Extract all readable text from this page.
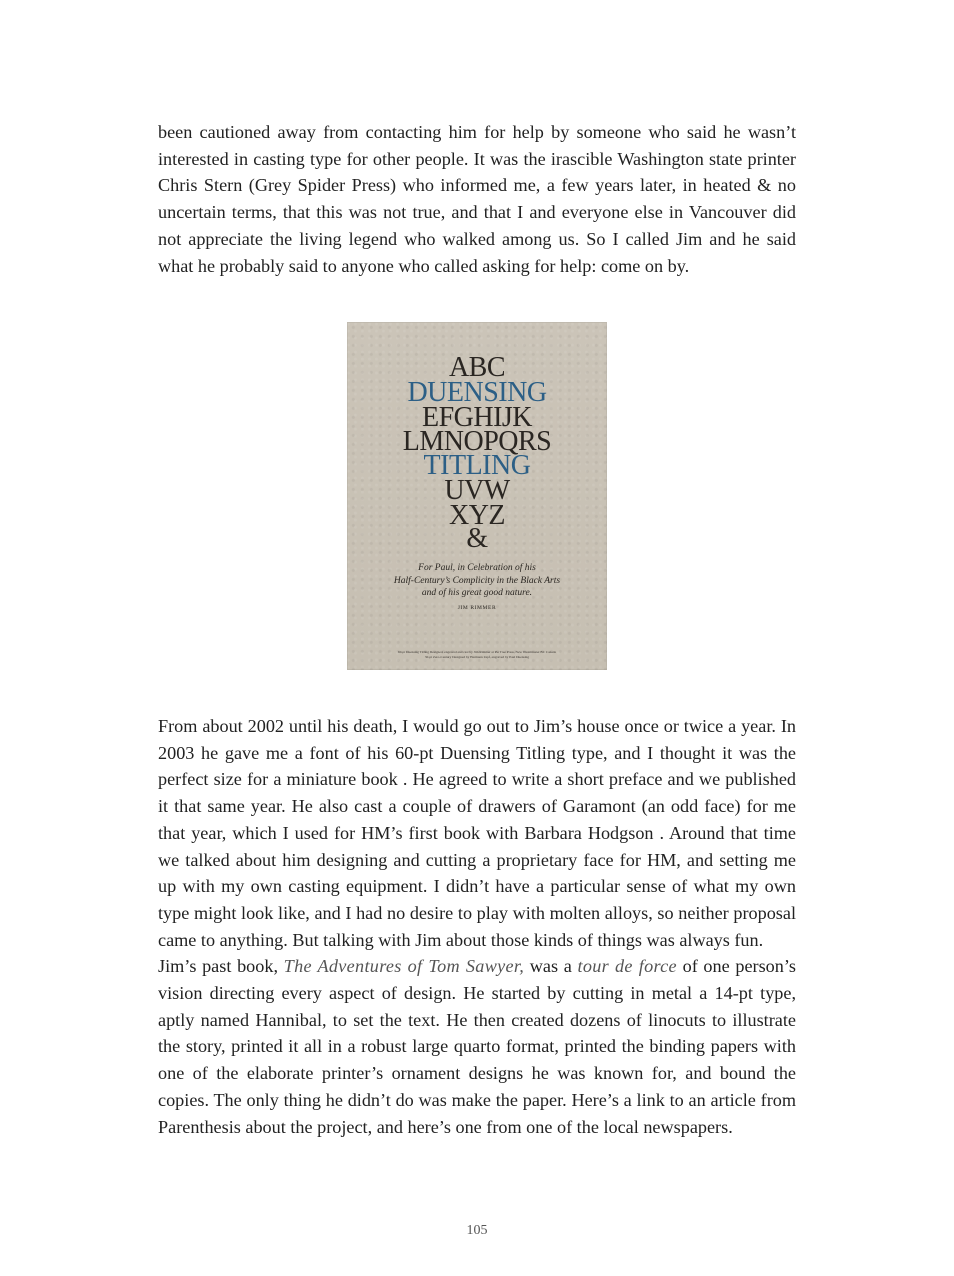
been cautioned away from contacting him for help by someone who said he wasn’t interested in casting type for other people. It was the irascible Washington state printer Chris Stern (Grey Spider Press) who informed me, a few years later, in heated & no uncertain terms, that this was not true, and that I and everyone else in Vancouver did not appreciate the living legend who walked among us. So I called Jim and he said what he probably said to anyone who called asking for help: come on by.

ABC
DUENSING
EFGHIJK
LMNOPQRS
TITLING
UVW
XYZ
&
For Paul, in Celebration of his
Half-Century’s Complicity in the Black Arts
and of his great good nature.
JIM RIMMER
60-pt Duensing Titling Designed, engraved and cast by Jim Rimmer at Pie Tree Press, New Westminster BC Canada
30-pt Zero-Century Designed by Hermann Zapf, engraved by Paul Duensing

From about 2002 until his death, I would go out to Jim’s house once or twice a year. In 2003 he gave me a font of his 60-pt Duensing Titling type, and I thought it was the perfect size for a miniature book . He agreed to write a short preface and we published it that same year. He also cast a couple of drawers of Garamont (an odd face) for me that year, which I used for HM’s first book with Barbara Hodgson . Around that time we talked about him designing and cutting a proprietary face for HM, and setting me up with my own casting equipment. I didn’t have a particular sense of what my own type might look like, and I had no desire to play with molten alloys, so neither proposal came to anything. But talking with Jim about those kinds of things was always fun.

Jim’s past book, The Adventures of Tom Sawyer, was a tour de force of one person’s vision directing every aspect of design. He started by cutting in metal a 14-pt type, aptly named Hannibal, to set the text. He then created dozens of linocuts to illustrate the story, printed it all in a robust large quarto format, printed the binding papers with one of the elaborate printer’s ornament designs he was known for, and bound the copies. The only thing he didn’t do was make the paper. Here’s a link to an article from Parenthesis about the project, and here’s one from one of the local newspapers.

105
